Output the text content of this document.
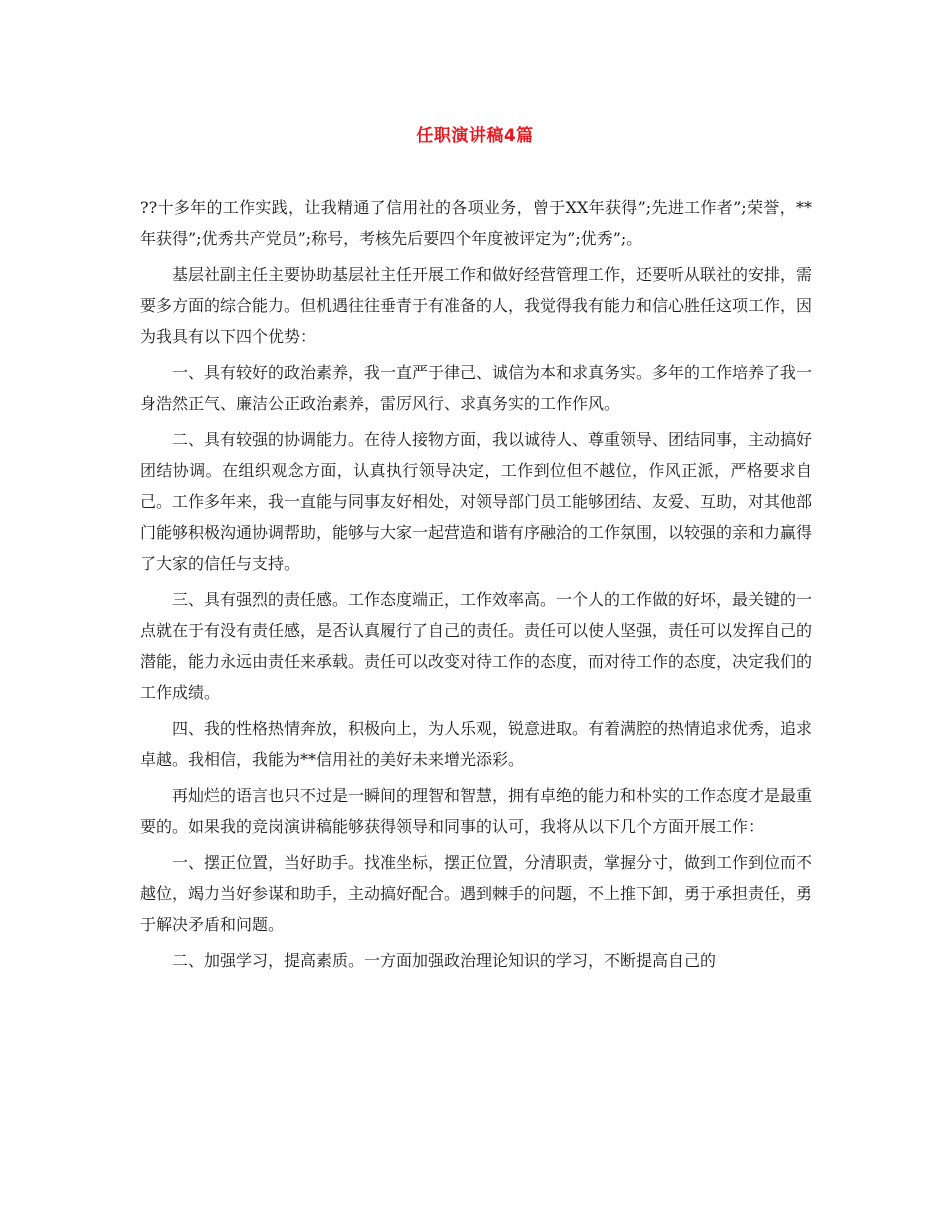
任职演讲稿4篇

??十多年的工作实践，让我精通了信用社的各项业务，曾于XX年获得”;先进工作者”;荣誉，**年获得”;优秀共产党员”;称号，考核先后要四个年度被评定为”;优秀”;。

基层社副主任主要协助基层社主任开展工作和做好经营管理工作，还要听从联社的安排，需要多方面的综合能力。但机遇往往垂青于有准备的人，我觉得我有能力和信心胜任这项工作，因为我具有以下四个优势：

一、具有较好的政治素养，我一直严于律己、诚信为本和求真务实。多年的工作培养了我一身浩然正气、廉洁公正政治素养，雷厉风行、求真务实的工作作风。

二、具有较强的协调能力。在待人接物方面，我以诚待人、尊重领导、团结同事，主动搞好团结协调。在组织观念方面，认真执行领导决定，工作到位但不越位，作风正派，严格要求自己。工作多年来，我一直能与同事友好相处，对领导部门员工能够团结、友爱、互助，对其他部门能够积极沟通协调帮助，能够与大家一起营造和谐有序融洽的工作氛围，以较强的亲和力赢得了大家的信任与支持。

三、具有强烈的责任感。工作态度端正，工作效率高。一个人的工作做的好坏，最关键的一点就在于有没有责任感，是否认真履行了自己的责任。责任可以使人坚强，责任可以发挥自己的潜能，能力永远由责任来承载。责任可以改变对待工作的态度，而对待工作的态度，决定我们的工作成绩。

四、我的性格热情奔放，积极向上，为人乐观，锐意进取。有着满腔的热情追求优秀，追求卓越。我相信，我能为**信用社的美好未来增光添彩。

再灿烂的语言也只不过是一瞬间的理智和智慧，拥有卓绝的能力和朴实的工作态度才是最重要的。如果我的竞岗演讲稿能够获得领导和同事的认可，我将从以下几个方面开展工作：

一、摆正位置，当好助手。找准坐标，摆正位置，分清职责，掌握分寸，做到工作到位而不越位，竭力当好参谋和助手，主动搞好配合。遇到棘手的问题，不上推下卸，勇于承担责任，勇于解决矛盾和问题。

二、加强学习，提高素质。一方面加强政治理论知识的学习，不断提高自己的
